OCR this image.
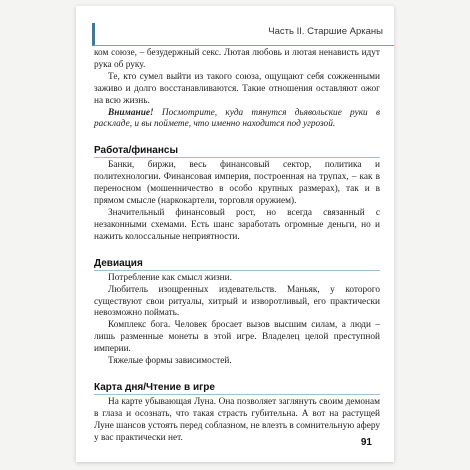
Часть II. Старшие Арканы

ком союзе, – безудержный секс. Лютая любовь и лютая ненависть идут рука об руку.

Те, кто сумел выйти из такого союза, ощущают себя сожженными заживо и долго восстанавливаются. Такие отношения оставляют ожог на всю жизнь.

Внимание! Посмотрите, куда тянутся дьявольские руки в раскладе, и вы поймете, что именно находится под угрозой.

Работа/финансы

Банки, биржи, весь финансовый сектор, политика и политехнологии. Финансовая империя, построенная на трупах, – как в переносном (мошенничество в особо крупных размерах), так и в прямом смысле (наркокартели, торговля оружием).

Значительный финансовый рост, но всегда связанный с незаконными схемами. Есть шанс заработать огромные деньги, но и нажить колоссальные неприятности.

Девиация

Потребление как смысл жизни.

Любитель изощренных издевательств. Маньяк, у которого существуют свои ритуалы, хитрый и изворотливый, его практически невозможно поймать.

Комплекс бога. Человек бросает вызов высшим силам, а люди – лишь разменные монеты в этой игре. Владелец целой преступной империи.

Тяжелые формы зависимостей.

Карта дня/Чтение в игре

На карте убывающая Луна. Она позволяет заглянуть своим демонам в глаза и осознать, что такая страсть губительна. А вот на растущей Луне шансов устоять перед соблазном, не влезть в сомнительную аферу у вас практически нет.	91
